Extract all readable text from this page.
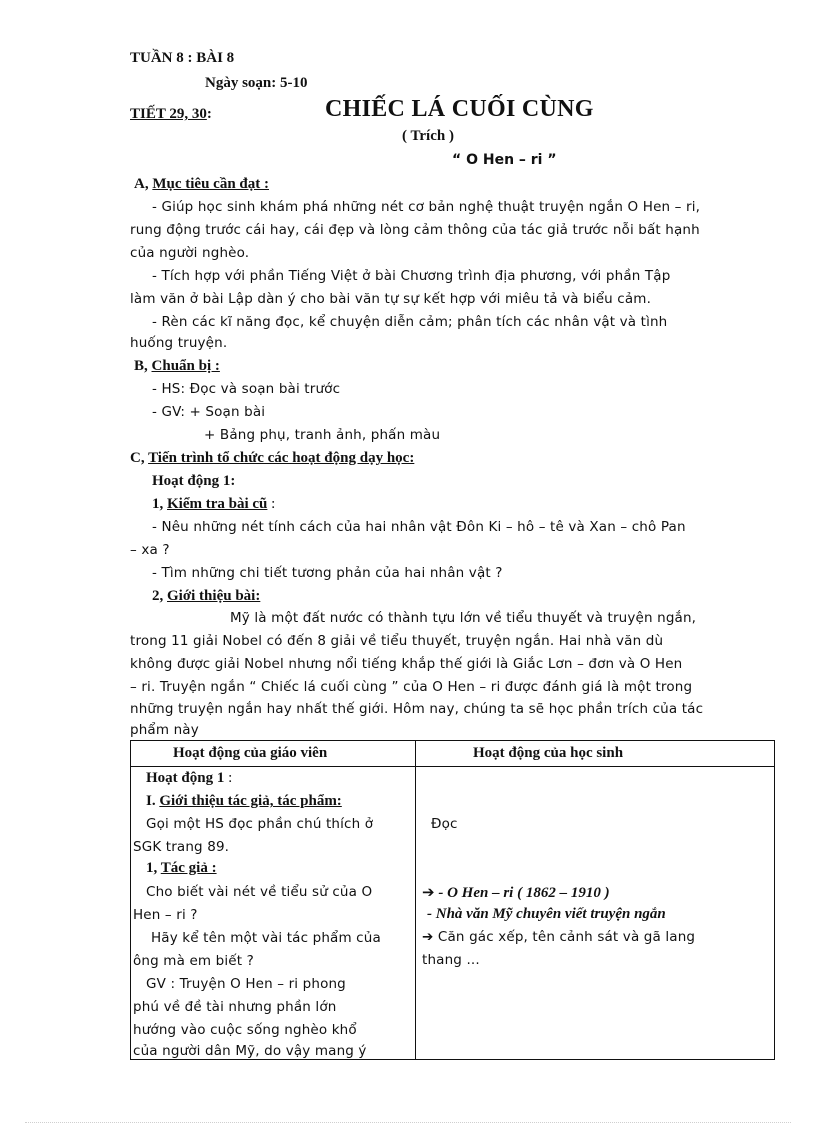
TUẦN 8 : BÀI 8
Ngày soạn: 5-10
TIẾT 29, 30:	CHIẾC LÁ CUỐI CÙNG
( Trích )
“ O Hen – ri ”
A, Mục tiêu cần đạt :
- Giúp học sinh khám phá những nét cơ bản nghệ thuật truyện ngắn O Hen – ri,
rung động trước cái hay, cái đẹp và lòng cảm thông của tác giả trước nỗi bất hạnh
của người nghèo.
- Tích hợp với phần Tiếng Việt ở bài Chương trình địa phương, với phần Tập
làm văn ở bài Lập dàn ý cho bài văn tự sự kết hợp với miêu tả và biểu cảm.
- Rèn các kĩ năng đọc, kể chuyện diễn cảm; phân tích các nhân vật và tình
huống truyện.
B, Chuẩn bị :
- HS: Đọc và soạn bài trước
- GV: + Soạn bài
+ Bảng phụ, tranh ảnh, phấn màu
C, Tiến trình tổ chức các hoạt động dạy học:
Hoạt động 1:
1, Kiểm tra bài cũ :
- Nêu những nét tính cách của hai nhân vật Đôn Ki – hô – tê và Xan – chô Pan
– xa ?
- Tìm những chi tiết tương phản của hai nhân vật ?
2, Giới thiệu bài:
Mỹ là một đất nước có thành tựu lớn về tiểu thuyết và truyện ngắn,
trong 11 giải Nobel có đến 8 giải về tiểu thuyết, truyện ngắn. Hai nhà văn dù
không được giải Nobel nhưng nổi tiếng khắp thế giới là Giắc Lơn – đơn và O Hen
– ri. Truyện ngắn “ Chiếc lá cuối cùng ” của O Hen – ri được đánh giá là một trong
những truyện ngắn hay nhất thế giới. Hôm nay, chúng ta sẽ học phần trích của tác
phẩm này
Hoạt động của giáo viên	Hoạt động của học sinh
Hoạt động 1 :
I. Giới thiệu tác giả, tác phẩm:
Gọi một HS đọc phần chú thích ở
SGK trang 89.
1, Tác giả :
Cho biết vài nét về tiểu sử của O
Hen – ri ?
Hãy kể tên một vài tác phẩm của
ông mà em biết ?
GV : Truyện O Hen – ri phong
phú về đề tài nhưng phần lớn
hướng vào cuộc sống nghèo khổ
của người dân Mỹ, do vậy mang ý
Đọc
➔ - O Hen – ri ( 1862 – 1910 )
- Nhà văn Mỹ chuyên viết truyện ngắn
➔ Căn gác xếp, tên cảnh sát và gã lang
thang ...
